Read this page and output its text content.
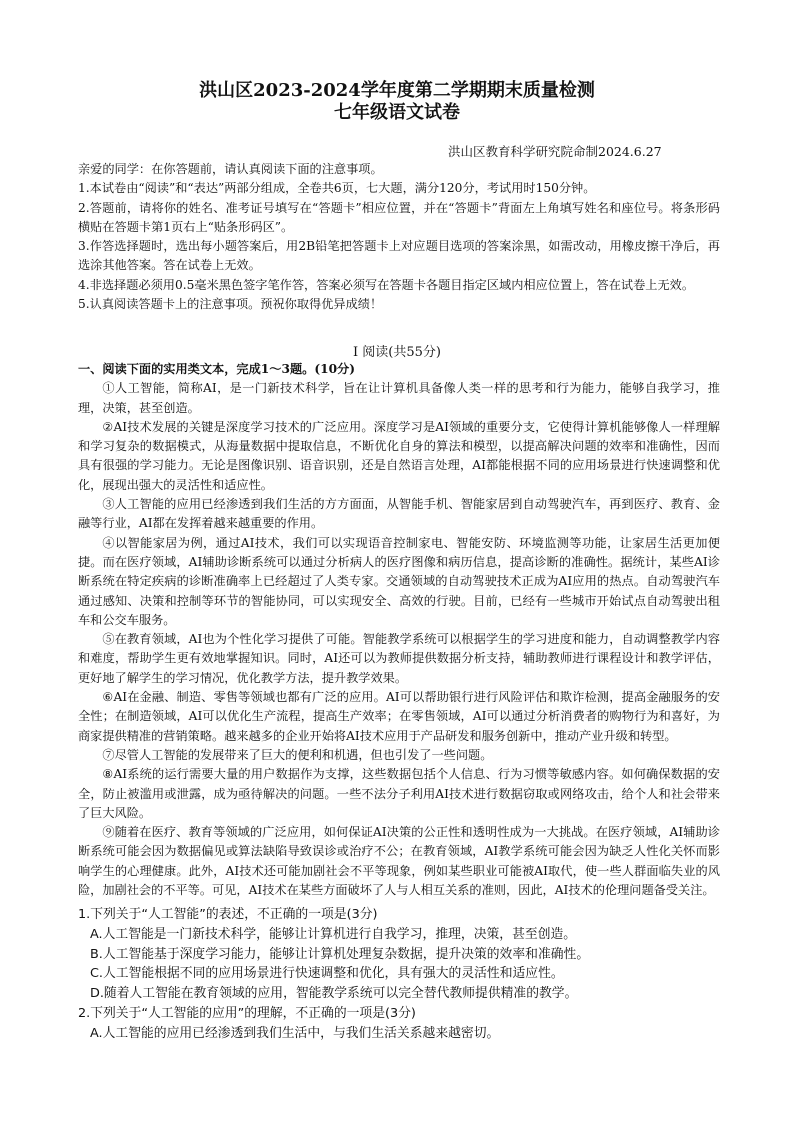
洪山区2023-2024学年度第二学期期末质量检测
七年级语文试卷
洪山区教育科学研究院命制2024.6.27

亲爱的同学：在你答题前，请认真阅读下面的注意事项。

1.本试卷由“阅读”和“表达”两部分组成，全卷共6页，七大题，满分120分，考试用时150分钟。

2.答题前，请将你的姓名、准考证号填写在“答题卡”相应位置，并在“答题卡”背面左上角填写姓名和座位号。将条形码横贴在答题卡第1页右上“贴条形码区”。

3.作答选择题时，选出每小题答案后，用2B铅笔把答题卡上对应题目选项的答案涂黑，如需改动，用橡皮擦干净后，再选涂其他答案。答在试卷上无效。

4.非选择题必须用0.5毫米黑色签字笔作答，答案必须写在答题卡各题目指定区域内相应位置上，答在试卷上无效。

5.认真阅读答题卡上的注意事项。预祝你取得优异成绩！

Ⅰ 阅读(共55分)

一、阅读下面的实用类文本，完成1～3题。(10分)

①人工智能，简称AI，是一门新技术科学，旨在让计算机具备像人类一样的思考和行为能力，能够自我学习，推理，决策，甚至创造。

②AI技术发展的关键是深度学习技术的广泛应用。深度学习是AI领域的重要分支，它使得计算机能够像人一样理解和学习复杂的数据模式，从海量数据中提取信息，不断优化自身的算法和模型，以提高解决问题的效率和准确性，因而具有很强的学习能力。无论是图像识别、语音识别，还是自然语言处理，AI都能根据不同的应用场景进行快速调整和优化，展现出强大的灵活性和适应性。

③人工智能的应用已经渗透到我们生活的方方面面，从智能手机、智能家居到自动驾驶汽车，再到医疗、教育、金融等行业，AI都在发挥着越来越重要的作用。

④以智能家居为例，通过AI技术，我们可以实现语音控制家电、智能安防、环境监测等功能，让家居生活更加便捷。而在医疗领域，AI辅助诊断系统可以通过分析病人的医疗图像和病历信息，提高诊断的准确性。据统计，某些AI诊断系统在特定疾病的诊断准确率上已经超过了人类专家。交通领域的自动驾驶技术正成为AI应用的热点。自动驾驶汽车通过感知、决策和控制等环节的智能协同，可以实现安全、高效的行驶。目前，已经有一些城市开始试点自动驾驶出租车和公交车服务。

⑤在教育领域，AI也为个性化学习提供了可能。智能教学系统可以根据学生的学习进度和能力，自动调整教学内容和难度，帮助学生更有效地掌握知识。同时，AI还可以为教师提供数据分析支持，辅助教师进行课程设计和教学评估，更好地了解学生的学习情况，优化教学方法，提升教学效果。

⑥AI在金融、制造、零售等领域也都有广泛的应用。AI可以帮助银行进行风险评估和欺诈检测，提高金融服务的安全性；在制造领域，AI可以优化生产流程，提高生产效率；在零售领域，AI可以通过分析消费者的购物行为和喜好，为商家提供精准的营销策略。越来越多的企业开始将AI技术应用于产品研发和服务创新中，推动产业升级和转型。

⑦尽管人工智能的发展带来了巨大的便利和机遇，但也引发了一些问题。

⑧AI系统的运行需要大量的用户数据作为支撑，这些数据包括个人信息、行为习惯等敏感内容。如何确保数据的安全，防止被滥用或泄露，成为亟待解决的问题。一些不法分子利用AI技术进行数据窃取或网络攻击，给个人和社会带来了巨大风险。

⑨随着在医疗、教育等领域的广泛应用，如何保证AI决策的公正性和透明性成为一大挑战。在医疗领域，AI辅助诊断系统可能会因为数据偏见或算法缺陷导致误诊或治疗不公；在教育领域，AI教学系统可能会因为缺乏人性化关怀而影响学生的心理健康。此外，AI技术还可能加剧社会不平等现象，例如某些职业可能被AI取代，使一些人群面临失业的风险，加剧社会的不平等。可见，AI技术在某些方面破坏了人与人相互关系的准则，因此，AI技术的伦理问题备受关注。

1.下列关于“人工智能”的表述，不正确的一项是(3分)

A.人工智能是一门新技术科学，能够让计算机进行自我学习，推理，决策，甚至创造。

B.人工智能基于深度学习能力，能够让计算机处理复杂数据，提升决策的效率和准确性。

C.人工智能根据不同的应用场景进行快速调整和优化，具有强大的灵活性和适应性。

D.随着人工智能在教育领域的应用，智能教学系统可以完全替代教师提供精准的教学。

2.下列关于“人工智能的应用”的理解，不正确的一项是(3分)

A.人工智能的应用已经渗透到我们生活中，与我们生活关系越来越密切。
